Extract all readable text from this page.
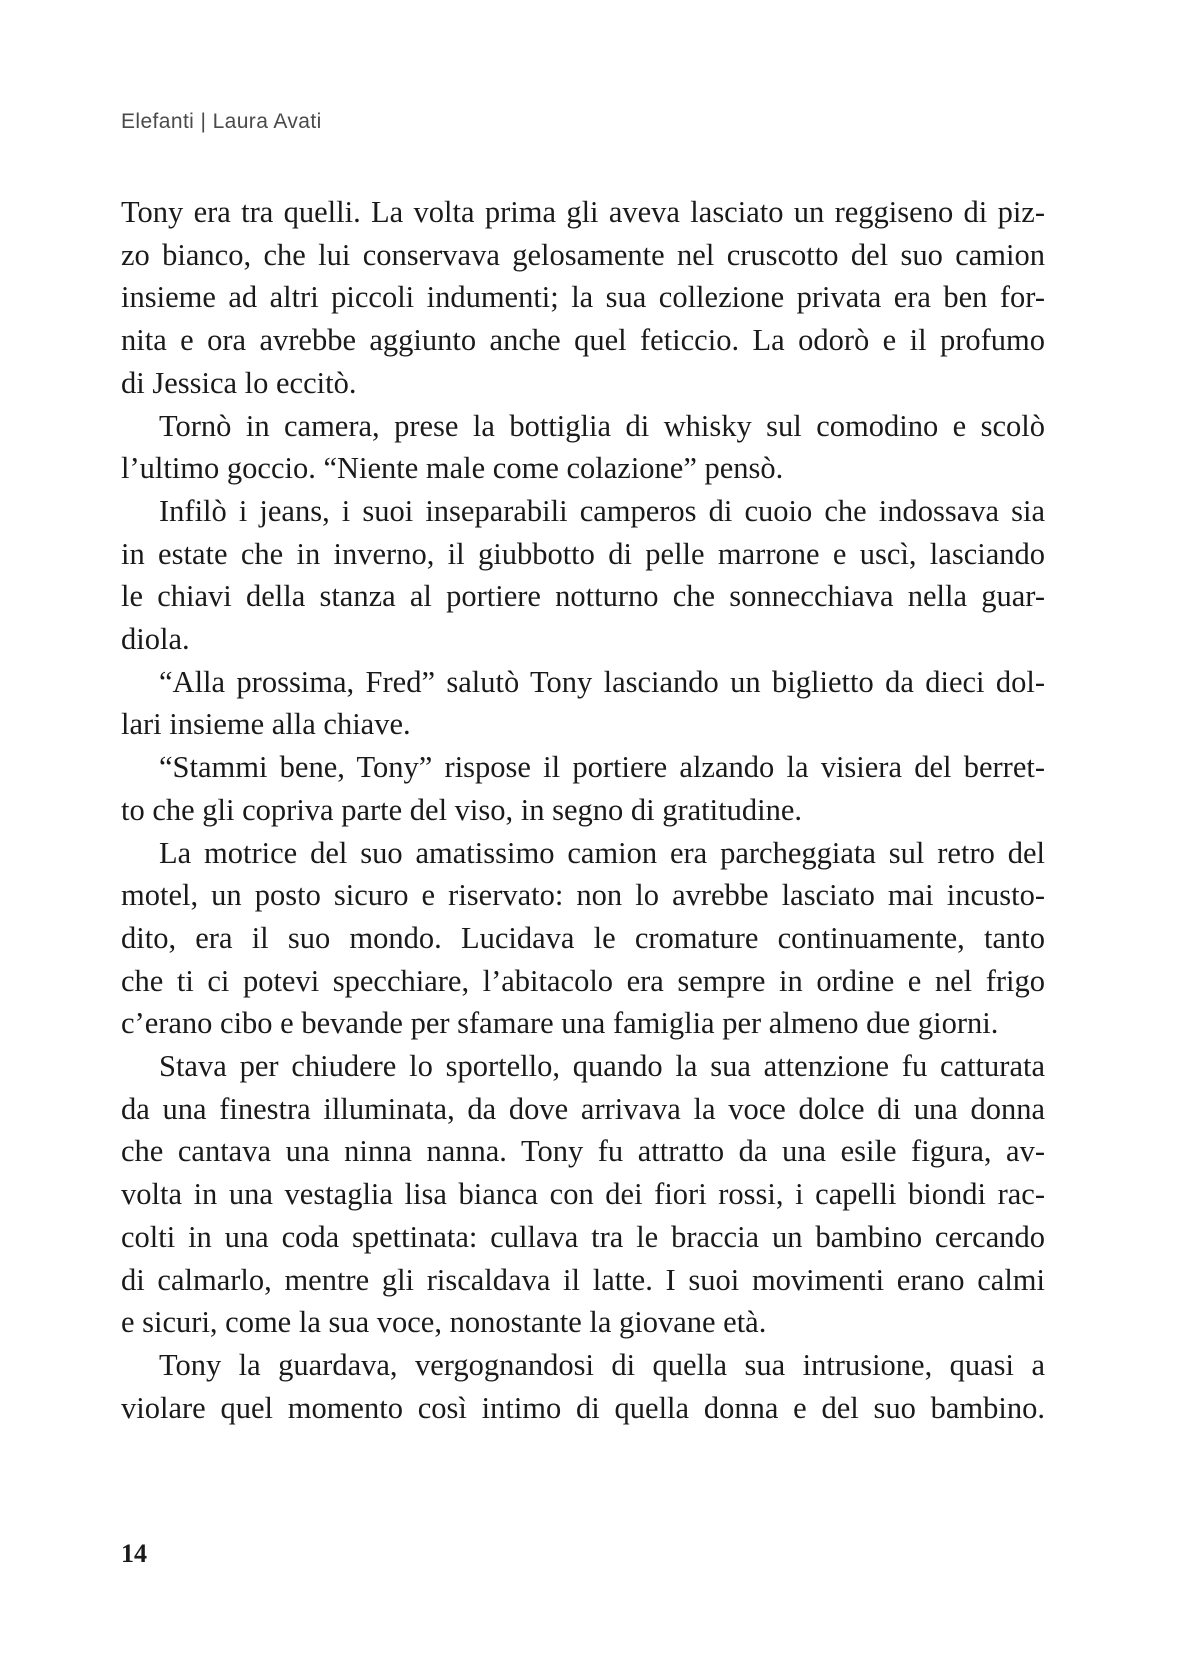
Elefanti | Laura Avati

Tony era tra quelli. La volta prima gli aveva lasciato un reggiseno di piz-
zo bianco, che lui conservava gelosamente nel cruscotto del suo camion
insieme ad altri piccoli indumenti; la sua collezione privata era ben for-
nita e ora avrebbe aggiunto anche quel feticcio. La odorò e il profumo
di Jessica lo eccitò.

Tornò in camera, prese la bottiglia di whisky sul comodino e scolò
l’ultimo goccio. “Niente male come colazione” pensò.

Infilò i jeans, i suoi inseparabili camperos di cuoio che indossava sia
in estate che in inverno, il giubbotto di pelle marrone e uscì, lasciando
le chiavi della stanza al portiere notturno che sonnecchiava nella guar-
diola.

“Alla prossima, Fred” salutò Tony lasciando un biglietto da dieci dol-
lari insieme alla chiave.

“Stammi bene, Tony” rispose il portiere alzando la visiera del berret-
to che gli copriva parte del viso, in segno di gratitudine.

La motrice del suo amatissimo camion era parcheggiata sul retro del
motel, un posto sicuro e riservato: non lo avrebbe lasciato mai incusto-
dito, era il suo mondo. Lucidava le cromature continuamente, tanto
che ti ci potevi specchiare, l’abitacolo era sempre in ordine e nel frigo
c’erano cibo e bevande per sfamare una famiglia per almeno due giorni.

Stava per chiudere lo sportello, quando la sua attenzione fu catturata
da una finestra illuminata, da dove arrivava la voce dolce di una donna
che cantava una ninna nanna. Tony fu attratto da una esile figura, av-
volta in una vestaglia lisa bianca con dei fiori rossi, i capelli biondi rac-
colti in una coda spettinata: cullava tra le braccia un bambino cercando
di calmarlo, mentre gli riscaldava il latte. I suoi movimenti erano calmi
e sicuri, come la sua voce, nonostante la giovane età.

Tony la guardava, vergognandosi di quella sua intrusione, quasi a
violare quel momento così intimo di quella donna e del suo bambino.

14
